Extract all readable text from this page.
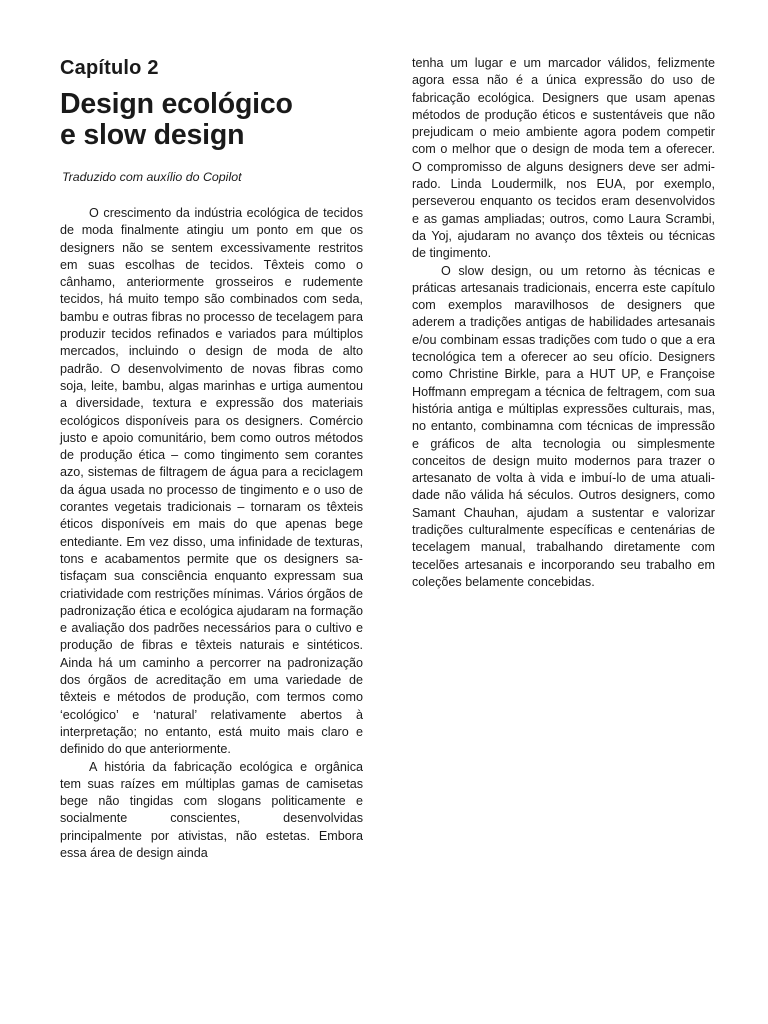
Capítulo 2
Design ecológico
e slow design

Traduzido com auxílio do Copilot

O crescimento da indústria ecológica de tecidos de moda finalmente atingiu um ponto em que os designers não se sentem excessivamente restritos em suas escolhas de tecidos. Têxteis como o cânhamo, anteriormente grosseiros e rudemente tecidos, há muito tempo são combinados com seda, bambu e outras fibras no processo de tecelagem para produzir tecidos refinados e variados para múltiplos mercados, incluindo o design de moda de alto padrão. O desenvolvimento de novas fibras como soja, leite, bambu, algas marinhas e urtiga aumentou a diversidade, textura e expressão dos materiais ecológicos disponíveis para os designers. Comércio justo e apoio comunitário, bem como outros métodos de produção ética – como tingimento sem corantes azo, sistemas de filtragem de água para a reciclagem da água usada no processo de tingimento e o uso de corantes vegetais tradicionais – tornaram os têxteis éticos disponíveis em mais do que apenas bege entediante. Em vez disso, uma infinidade de texturas, tons e acabamentos permite que os designers satisfaçam sua consciência enquanto expressam sua criatividade com restrições mínimas. Vários órgãos de padronização ética e ecológica ajudaram na formação e avaliação dos padrões necessários para o cultivo e produção de fibras e têxteis naturais e sintéticos. Ainda há um caminho a percorrer na padronização dos órgãos de acreditação em uma variedade de têxteis e métodos de produção, com termos como ‘ecológico’ e ‘natural’ relativamente abertos à interpretação; no entanto, está muito mais claro e definido do que anteriormente.

A história da fabricação ecológica e orgânica tem suas raízes em múltiplas gamas de camisetas bege não tingidas com slogans politicamente e socialmente conscientes, desenvolvidas principalmente por ativistas, não estetas. Embora essa área de design ainda

tenha um lugar e um marcador válidos, felizmente agora essa não é a única expressão do uso de fabricação ecológica. Designers que usam apenas métodos de produção éticos e sustentáveis que não prejudicam o meio ambiente agora podem competir com o melhor que o design de moda tem a oferecer. O compromisso de alguns designers deve ser admirado. Linda Loudermilk, nos EUA, por exemplo, perseverou enquanto os tecidos eram desenvolvidos e as gamas ampliadas; outros, como Laura Scrambi, da Yoj, ajudaram no avanço dos têxteis ou técnicas de tingimento.

O slow design, ou um retorno às técnicas e práticas artesanais tradicionais, encerra este capítulo com exemplos maravilhosos de designers que aderem a tradições antigas de habilidades artesanais e/ou combinam essas tradições com tudo o que a era tecnológica tem a oferecer ao seu ofício. Designers como Christine Birkle, para a HUT UP, e Françoise Hoffmann empregam a técnica de feltragem, com sua história antiga e múltiplas expressões culturais, mas, no entanto, combinamna com técnicas de impressão e gráficos de alta tecnologia ou simplesmente conceitos de design muito modernos para trazer o artesanato de volta à vida e imbuí-lo de uma atualidade não válida há séculos. Outros designers, como Samant Chauhan, ajudam a sustentar e valorizar tradições culturalmente específicas e centenárias de tecelagem manual, trabalhando diretamente com tecelões artesanais e incorporando seu trabalho em coleções belamente concebidas.
